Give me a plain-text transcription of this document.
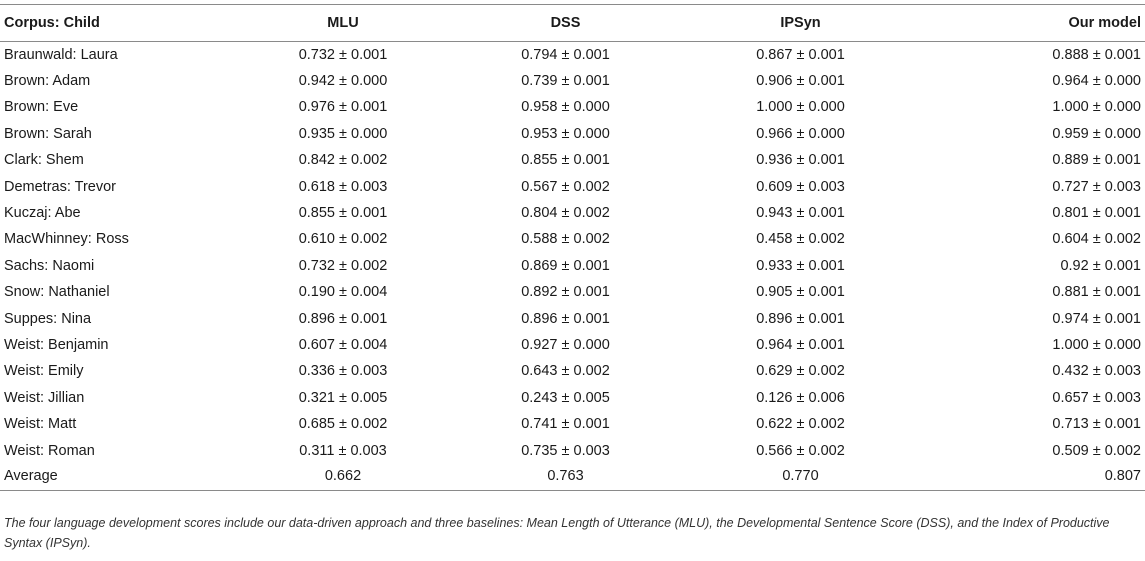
Corpus: Child	MLU	DSS	IPSyn	Our model
Braunwald: Laura	0.732 ± 0.001	0.794 ± 0.001	0.867 ± 0.001	0.888 ± 0.001
Brown: Adam	0.942 ± 0.000	0.739 ± 0.001	0.906 ± 0.001	0.964 ± 0.000
Brown: Eve	0.976 ± 0.001	0.958 ± 0.000	1.000 ± 0.000	1.000 ± 0.000
Brown: Sarah	0.935 ± 0.000	0.953 ± 0.000	0.966 ± 0.000	0.959 ± 0.000
Clark: Shem	0.842 ± 0.002	0.855 ± 0.001	0.936 ± 0.001	0.889 ± 0.001
Demetras: Trevor	0.618 ± 0.003	0.567 ± 0.002	0.609 ± 0.003	0.727 ± 0.003
Kuczaj: Abe	0.855 ± 0.001	0.804 ± 0.002	0.943 ± 0.001	0.801 ± 0.001
MacWhinney: Ross	0.610 ± 0.002	0.588 ± 0.002	0.458 ± 0.002	0.604 ± 0.002
Sachs: Naomi	0.732 ± 0.002	0.869 ± 0.001	0.933 ± 0.001	0.92 ± 0.001
Snow: Nathaniel	0.190 ± 0.004	0.892 ± 0.001	0.905 ± 0.001	0.881 ± 0.001
Suppes: Nina	0.896 ± 0.001	0.896 ± 0.001	0.896 ± 0.001	0.974 ± 0.001
Weist: Benjamin	0.607 ± 0.004	0.927 ± 0.000	0.964 ± 0.001	1.000 ± 0.000
Weist: Emily	0.336 ± 0.003	0.643 ± 0.002	0.629 ± 0.002	0.432 ± 0.003
Weist: Jillian	0.321 ± 0.005	0.243 ± 0.005	0.126 ± 0.006	0.657 ± 0.003
Weist: Matt	0.685 ± 0.002	0.741 ± 0.001	0.622 ± 0.002	0.713 ± 0.001
Weist: Roman	0.311 ± 0.003	0.735 ± 0.003	0.566 ± 0.002	0.509 ± 0.002
Average	0.662	0.763	0.770	0.807
The four language development scores include our data-driven approach and three baselines: Mean Length of Utterance (MLU), the Developmental Sentence Score (DSS), and the Index of Productive Syntax (IPSyn).
